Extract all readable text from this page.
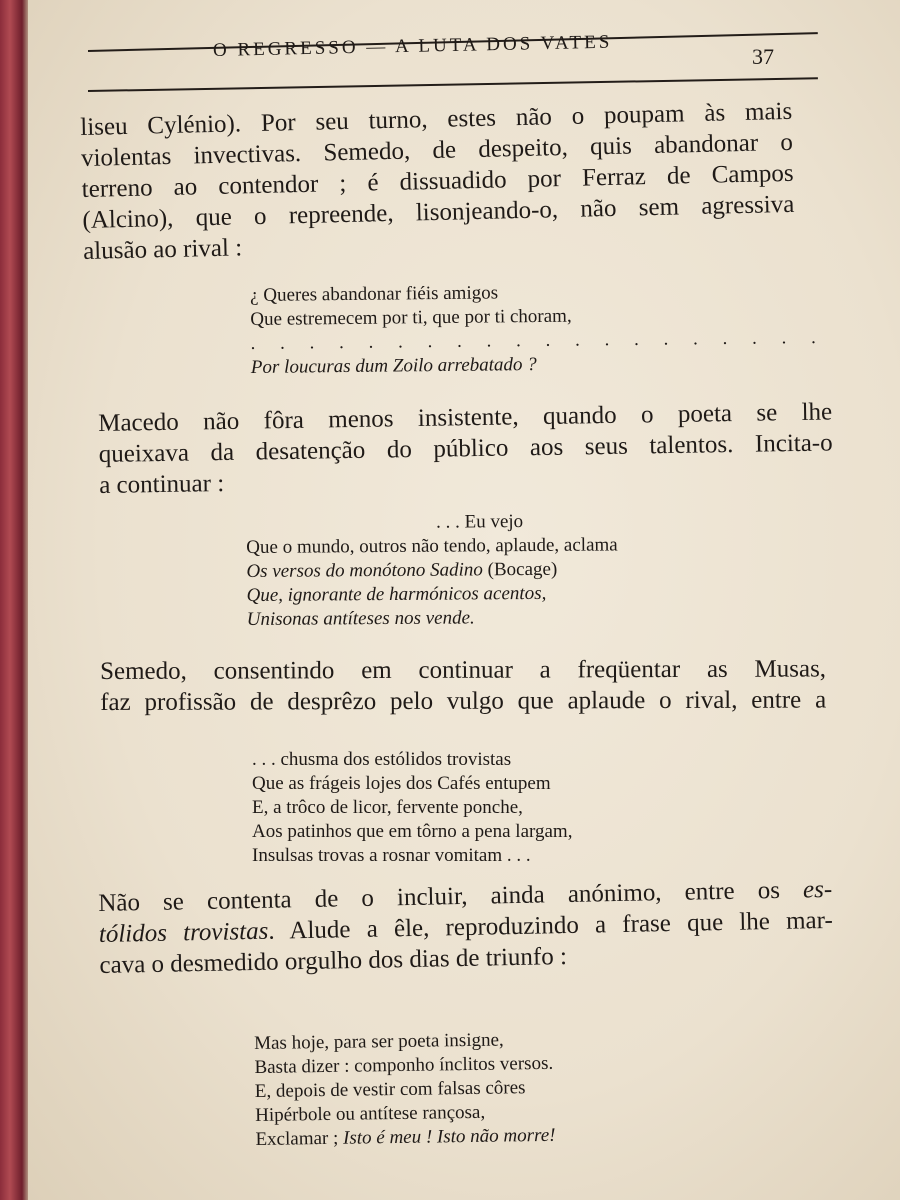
O REGRESSO — A LUTA DOS VATES	37
liseu Cylénio). Por seu turno, estes não o poupam às mais
violentas invectivas. Semedo, de despeito, quis abandonar o
terreno ao contendor ; é dissuadido por Ferraz de Campos
(Alcino), que o repreende, lisonjeando-o, não sem agressiva
alusão ao rival :
¿ Queres abandonar fiéis amigos
Que estremecem por ti, que por ti choram,
. . . . . . . . . . . . . . . . . . . .
Por loucuras dum Zoilo arrebatado ?
Macedo não fôra menos insistente, quando o poeta se lhe
queixava da desatenção do público aos seus talentos. Incita-o
a continuar :
. . . Eu vejo
Que o mundo, outros não tendo, aplaude, aclama
Os versos do monótono Sadino (Bocage)
Que, ignorante de harmónicos acentos,
Unisonas antíteses nos vende.
Semedo, consentindo em continuar a freqüentar as Musas,
faz profissão de desprêzo pelo vulgo que aplaude o rival, entre a
. . . chusma dos estólidos trovistas
Que as frágeis lojes dos Cafés entupem
E, a trôco de licor, fervente ponche,
Aos patinhos que em tôrno a pena largam,
Insulsas trovas a rosnar vomitam . . .
Não se contenta de o incluir, ainda anónimo, entre os es-
tólidos trovistas. Alude a êle, reproduzindo a frase que lhe mar-
cava o desmedido orgulho dos dias de triunfo :
Mas hoje, para ser poeta insigne,
Basta dizer : componho ínclitos versos.
E, depois de vestir com falsas côres
Hipérbole ou antítese rançosa,
Exclamar ; Isto é meu ! Isto não morre!
